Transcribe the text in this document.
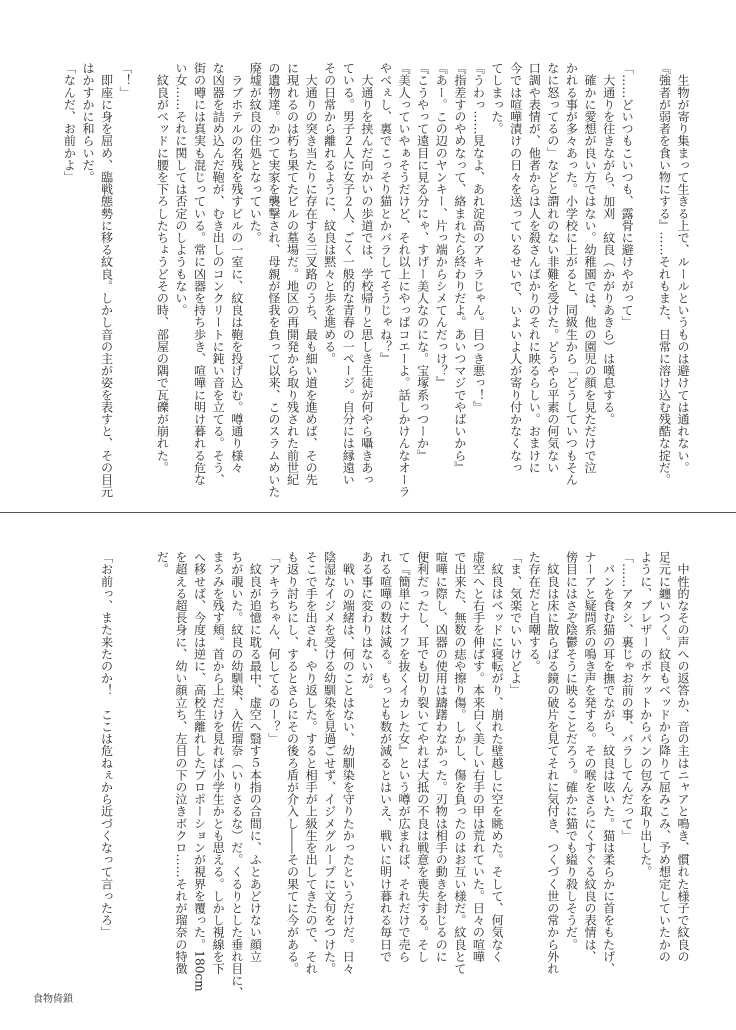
　生物が寄り集まって生きる上で、ルールというものは避けては通れない。
『強者が弱者を食い物にする』……それもまた、日常に溶け込む残酷な掟だ。
「……どいつもこいつも、露骨に避けやがって」
　大通りを往きながら、加刈　紋良（かがりあきら）は嘆息する。
　確かに愛想が良い方ではない。幼稚園では、他の園児の顔を見ただけで泣
かれる事が多々あった。小学校に上がると、同級生から「どうしていつもそん
なに怒ってるの」などと謂れのない非難を受けた。どうやら平素の何気ない
口調や表情が、他者からは人を殺さんばかりのそれに映るらしい。おまけに
今では喧嘩漬けの日々を送っているせいで、いよいよ人が寄り付かなくなっ
てしまった。
『うわっ……見なよ、あれ淀高のアキラじゃん。目つき悪っ！』
『指差すのやめなって、絡まれたら終わりだよ。あいつマジでやばいから』
『あー。この辺のヤンキー、片っ端からシメてんだっけ？』
『こうやって遠目に見る分にゃ、すげー美人なのにな。宝塚系っつーか』
『美人っていやぁそうだけど、それ以上にやっぱコエーよ。話しかけんなオーラ
やべぇし、裏でこっそり猫とかバラしてそうじゃね？』
　大通りを挟んだ向かいの歩道では、学校帰りと思しき生徒が何やら囁きあっ
ている。男子２人に女子２人、ごく一般的な青春の一ページ。自分には縁遠い
その日常から離れるように、紋良は黙々と歩を進める。
　大通りの突き当たりに存在する三叉路のうち、最も細い道を進めば、その先
に現れるのは朽ち果てたビルの墓場だ。地区の再開発から取り残された前世紀
の遺物達。かつて実家を襲撃され、母親が怪我を負って以来、このスラムめいた
廃墟が紋良の住処となっていた。
　ラブホテルの名残を残すビルの一室に、紋良は鞄を投げ込む。噂通り様々
な凶器を詰め込んだ鞄が、むき出しのコンクリートに鈍い音を立てる。そう、
街の噂には真実も混じっている。常に凶器を持ち歩き、喧嘩に明け暮れる危な
い女……それに関しては否定のしようもない。
　紋良がベッドに腰を下ろしたちょうどその時、部屋の隅で瓦礫が崩れた。
「！」
　即座に身を屈め、臨戦態勢に移る紋良。しかし音の主が姿を表すと、その目元
はかすかに和らいだ。
「なんだ、お前かよ」
　中性的なその声への返答か、音の主はニャアと鳴き、慣れた様子で紋良の
足元に纏いつく。紋良もベッドから降りて屈みこみ、予め想定していたかの
ように、ブレザーのポケットからパンの包みを取り出した。
「……アタシ、裏じゃお前の事、バラしてんだって」
　パンを食む猫の耳を撫でながら、紋良は呟いた。猫は柔らかに首をもたげ、
ナーアと疑問系の鳴き声を発する。その喉をさらにくすぐる紋良の表情は、
傍目にはさぞ陰鬱そうに映ることだろう。確かに猫でも縊り殺しそうだ。
　紋良は床に散らばる鏡の破片を見てそれに気付き、つくづく世の常から外れ
た存在だと自嘲する。
「ま、気楽でいいけどよ」
　紋良はベッドに寝転がり、崩れた壁越しに空を眺めた。そして、何気なく
虚空へと右手を伸ばす。本来白く美しい右手の甲は荒れていた。日々の喧嘩
で出来た、無数の痣や擦り傷。しかし、傷を負ったのはお互い様だ。紋良とて
喧嘩に際し、凶器の使用は躊躇わなかった。刃物は相手の動きを封じるのに
便利だったし、耳でも切り裂いてやれば大抵の不良は戦意を喪失する。そし
て『簡単にナイフを抜くイカレた女』という噂が広まれば、それだけで売ら
れる喧嘩の数は減る。もっとも数が減るとはいえ、戦いに明け暮れる毎日で
ある事に変わりはないが。
　戦いの端緒は、何のことはない、幼馴染を守りたかったというだけだ。日々
陰湿なイジメを受ける幼馴染を見過ごせず、イジメグループに文句をつけた。
そこで手を出され、やり返した。すると相手が上級生を出してきたので、それ
も返り討ちにし、するとさらにその後ろ盾が介入し――その果てに今がある。
「アキラちゃん、何してるのー？」
　紋良が追憶に耽る最中、虚空へ翳す５本指の合間に、ふとあどけない顔立
ちが覗いた。紋良の幼馴染、入佐瑠奈（いりさるな）だ。くるりとした垂れ目に、
まろみを残す頬。首から上だけを見れば小学生かとも思える。しかし視線を下
へ移せば、今度は逆に、高校生離れしたプロポーションが視界を覆った。180cm
を超える超長身に、幼い顔立ち、左目の下の泣きボクロ……それが瑠奈の特徴
だ。
「お前っ、また来たのか！　ここは危ねぇから近づくなって言ったろ」
食物倚鎖
